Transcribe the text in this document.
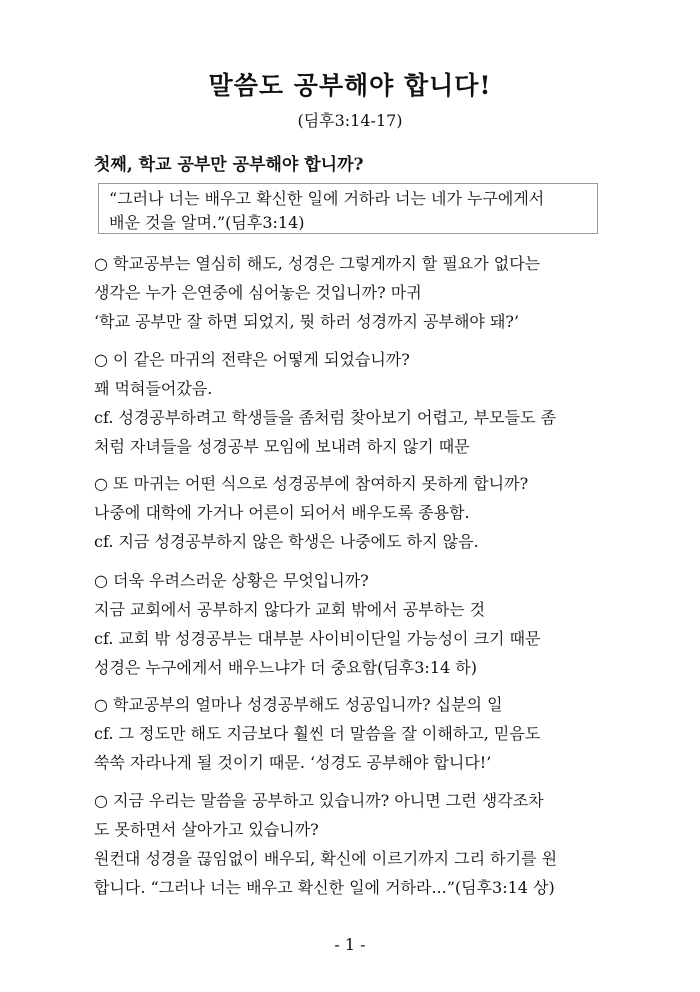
말씀도 공부해야 합니다!
(딤후3:14-17)
첫째, 학교 공부만 공부해야 합니까?
“그러나 너는 배우고 확신한 일에 거하라 너는 네가 누구에게서
배운 것을 알며.”(딤후3:14)
○ 학교공부는 열심히 해도, 성경은 그렇게까지 할 필요가 없다는
생각은 누가 은연중에 심어놓은 것입니까? 마귀
‘학교 공부만 잘 하면 되었지, 뭣 하러 성경까지 공부해야 돼?’
○ 이 같은 마귀의 전략은 어떻게 되었습니까?
꽤 먹혀들어갔음.
cf. 성경공부하려고 학생들을 좀처럼 찾아보기 어렵고, 부모들도 좀
처럼 자녀들을 성경공부 모임에 보내려 하지 않기 때문
○ 또 마귀는 어떤 식으로 성경공부에 참여하지 못하게 합니까?
나중에 대학에 가거나 어른이 되어서 배우도록 종용함.
cf. 지금 성경공부하지 않은 학생은 나중에도 하지 않음.
○ 더욱 우려스러운 상황은 무엇입니까?
지금 교회에서 공부하지 않다가 교회 밖에서 공부하는 것
cf. 교회 밖 성경공부는 대부분 사이비이단일 가능성이 크기 때문
성경은 누구에게서 배우느냐가 더 중요함(딤후3:14 하)
○ 학교공부의 얼마나 성경공부해도 성공입니까? 십분의 일
cf. 그 정도만 해도 지금보다 훨씬 더 말씀을 잘 이해하고, 믿음도
쑥쑥 자라나게 될 것이기 때문. ‘성경도 공부해야 합니다!’
○ 지금 우리는 말씀을 공부하고 있습니까? 아니면 그런 생각조차
도 못하면서 살아가고 있습니까?
원컨대 성경을 끊임없이 배우되, 확신에 이르기까지 그리 하기를 원
합니다. “그러나 너는 배우고 확신한 일에 거하라...”(딤후3:14 상)
- 1 -
